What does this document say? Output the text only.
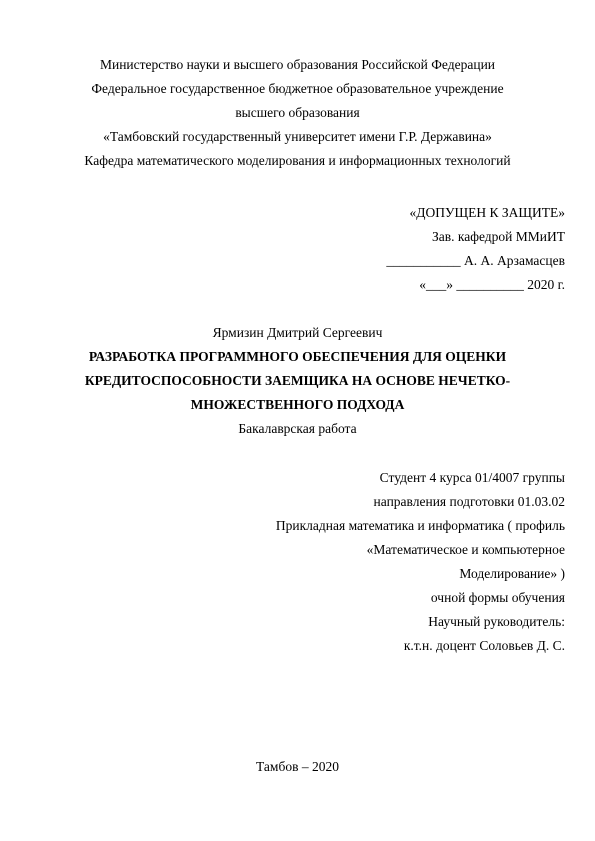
Министерство науки и высшего образования Российской Федерации
Федеральное государственное бюджетное образовательное учреждение
высшего образования
«Тамбовский государственный университет имени Г.Р. Державина»
Кафедра математического моделирования и информационных технологий
«ДОПУЩЕН К ЗАЩИТЕ»
Зав. кафедрой ММиИТ
___________ А. А. Арзамасцев
«___» __________ 2020 г.
Ярмизин Дмитрий Сергеевич
РАЗРАБОТКА ПРОГРАММНОГО ОБЕСПЕЧЕНИЯ ДЛЯ ОЦЕНКИ
КРЕДИТОСПОСОБНОСТИ ЗАЕМЩИКА НА ОСНОВЕ НЕЧЕТКО-
МНОЖЕСТВЕННОГО ПОДХОДА
Бакалаврская работа
Студент 4 курса 01/4007 группы
направления подготовки 01.03.02
Прикладная математика и информатика ( профиль
«Математическое и компьютерное
Моделирование» )
очной формы обучения
Научный руководитель:
к.т.н. доцент Соловьев Д. С.
Тамбов – 2020
